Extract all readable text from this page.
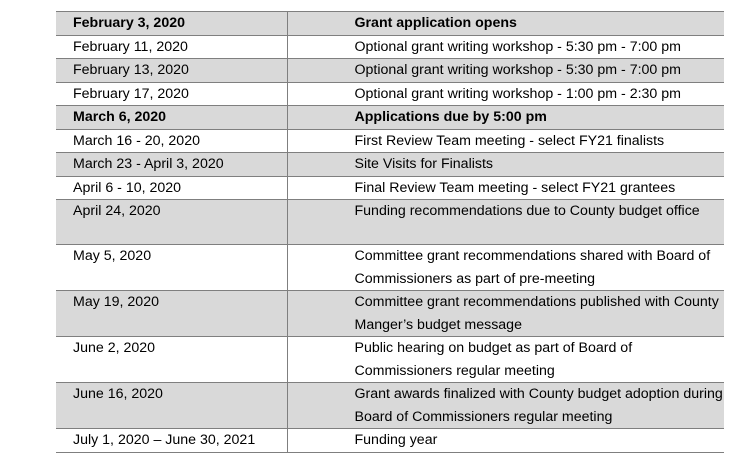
February 3, 2020	Grant application opens
February 11, 2020	Optional grant writing workshop - 5:30 pm - 7:00 pm
February 13, 2020	Optional grant writing workshop - 5:30 pm - 7:00 pm
February 17, 2020	Optional grant writing workshop - 1:00 pm - 2:30 pm
March 6, 2020	Applications due by 5:00 pm
March 16 - 20, 2020	First Review Team meeting - select FY21 finalists
March 23 - April 3, 2020	Site Visits for Finalists
April 6 - 10, 2020	Final Review Team meeting - select FY21 grantees
April 24, 2020	Funding recommendations due to County budget office
May 5, 2020	Committee grant recommendations shared with Board of Commissioners as part of pre-meeting
May 19, 2020	Committee grant recommendations published with County Manger’s budget message
June 2, 2020	Public hearing on budget as part of Board of Commissioners regular meeting
June 16, 2020	Grant awards finalized with County budget adoption during Board of Commissioners regular meeting
July 1, 2020 – June 30, 2021	Funding year
